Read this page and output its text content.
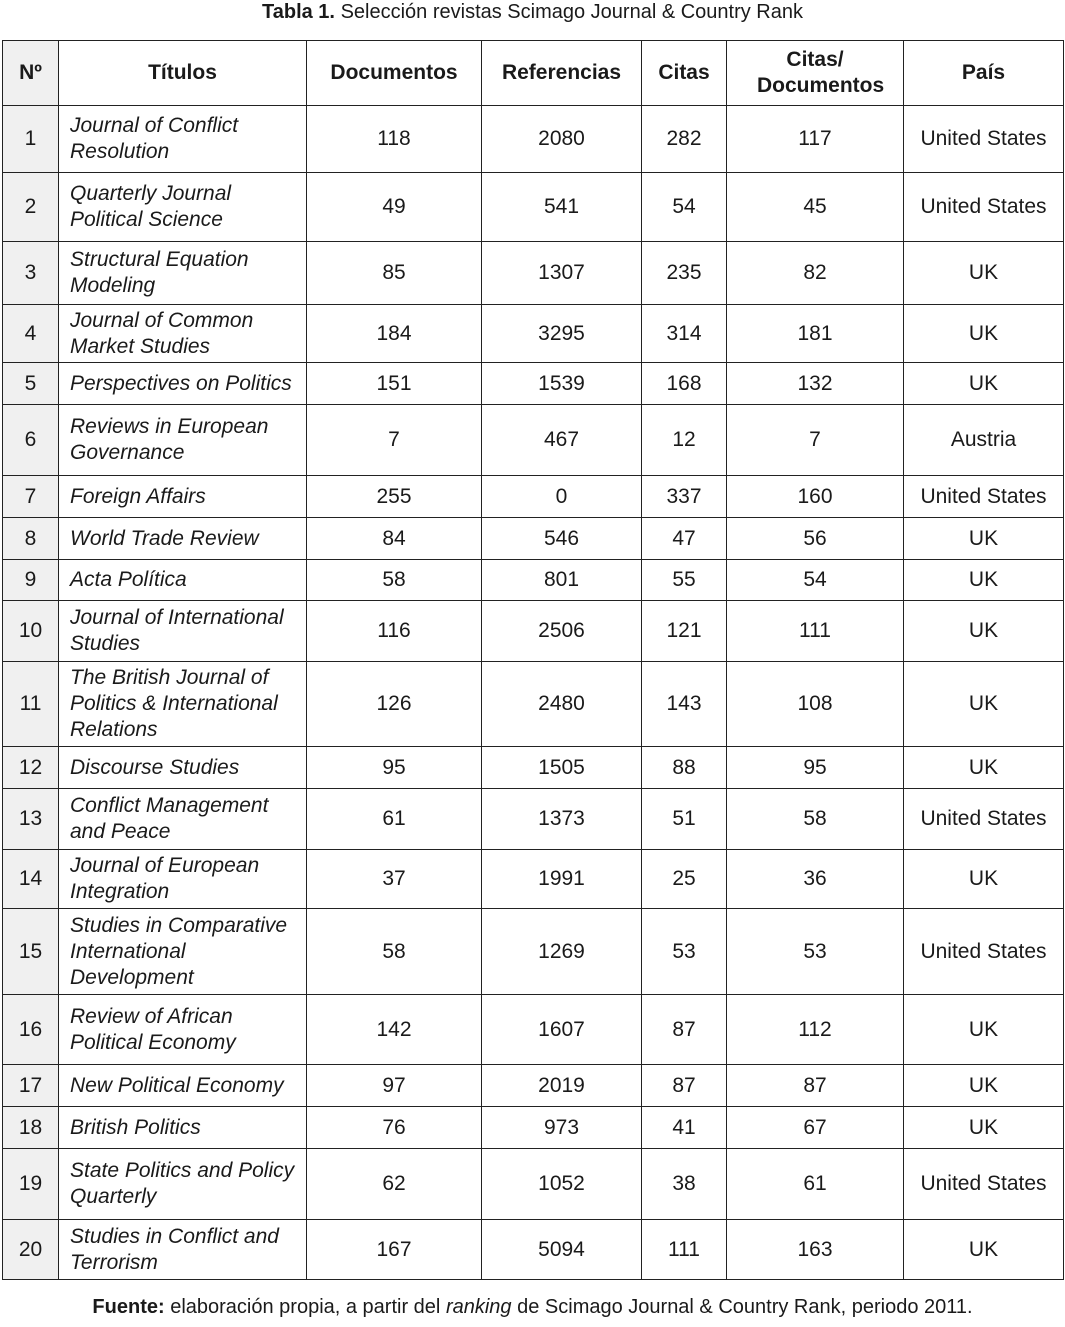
Tabla 1. Selección revistas Scimago Journal & Country Rank
Nº	Títulos	Documentos	Referencias	Citas	Citas/ Documentos	País
1	Journal of Conflict Resolution	118	2080	282	117	United States
2	Quarterly Journal Political Science	49	541	54	45	United States
3	Structural Equation Modeling	85	1307	235	82	UK
4	Journal of Common Market Studies	184	3295	314	181	UK
5	Perspectives on Politics	151	1539	168	132	UK
6	Reviews in European Governance	7	467	12	7	Austria
7	Foreign Affairs	255	0	337	160	United States
8	World Trade Review	84	546	47	56	UK
9	Acta Política	58	801	55	54	UK
10	Journal of International Studies	116	2506	121	111	UK
11	The British Journal of Politics & International Relations	126	2480	143	108	UK
12	Discourse Studies	95	1505	88	95	UK
13	Conflict Management and Peace	61	1373	51	58	United States
14	Journal of European Integration	37	1991	25	36	UK
15	Studies in Comparative International Development	58	1269	53	53	United States
16	Review of African Political Economy	142	1607	87	112	UK
17	New Political Economy	97	2019	87	87	UK
18	British Politics	76	973	41	67	UK
19	State Politics and Policy Quarterly	62	1052	38	61	United States
20	Studies in Conflict and Terrorism	167	5094	111	163	UK
Fuente: elaboración propia, a partir del ranking de Scimago Journal & Country Rank, periodo 2011.
